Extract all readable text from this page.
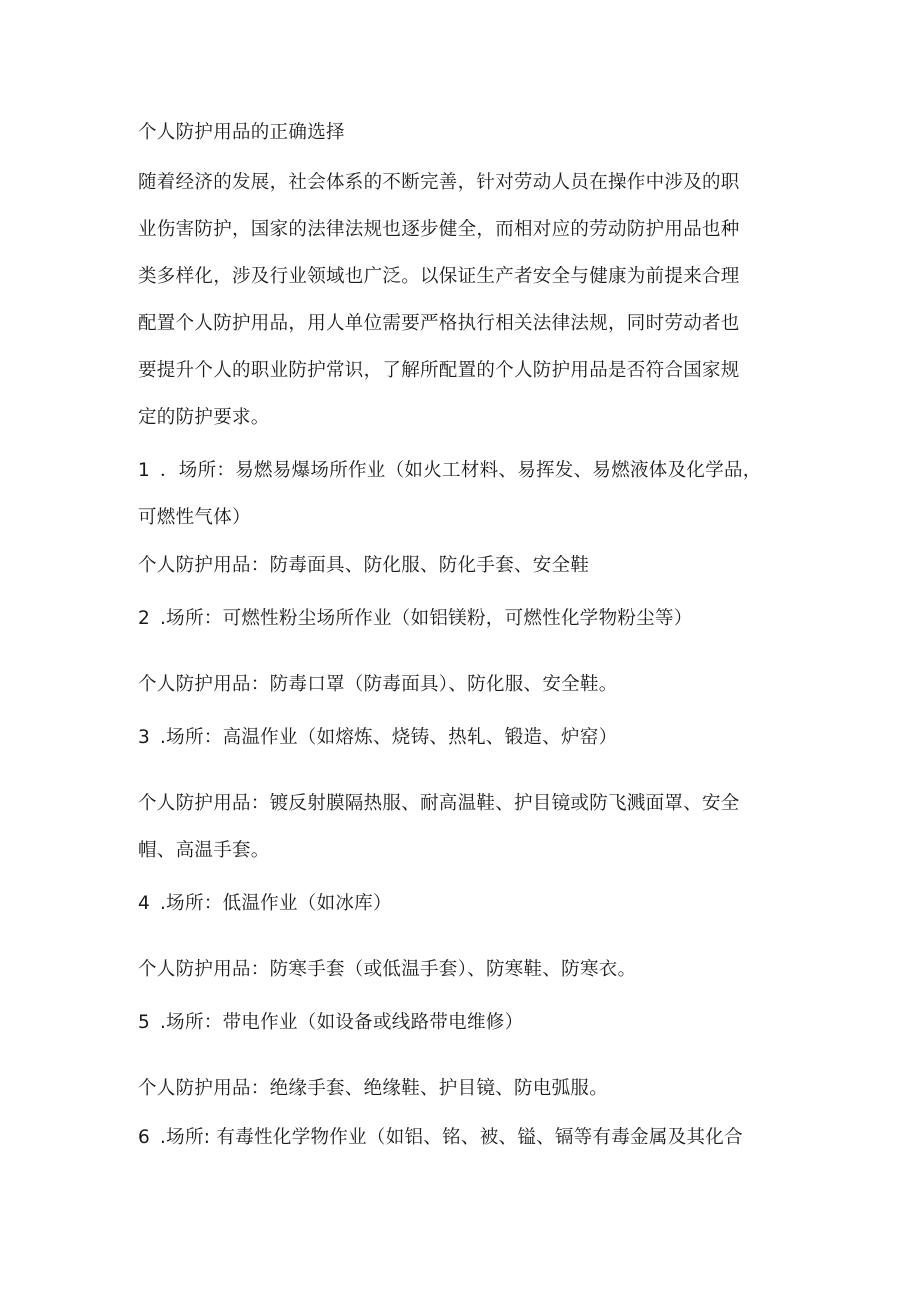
个人防护用品的正确选择
随着经济的发展，社会体系的不断完善，针对劳动人员在操作中涉及的职
业伤害防护，国家的法律法规也逐步健全，而相对应的劳动防护用品也种
类多样化，涉及行业领域也广泛。以保证生产者安全与健康为前提来合理
配置个人防护用品，用人单位需要严格执行相关法律法规，同时劳动者也
要提升个人的职业防护常识，了解所配置的个人防护用品是否符合国家规
定的防护要求。
1 ．场所：易燃易爆场所作业（如火工材料、易挥发、易燃液体及化学品，
可燃性气体）
个人防护用品：防毒面具、防化服、防化手套、安全鞋
2 .场所：可燃性粉尘场所作业（如铝镁粉，可燃性化学物粉尘等）
个人防护用品：防毒口罩（防毒面具）、防化服、安全鞋。
3 .场所：高温作业（如熔炼、烧铸、热轧、锻造、炉窑）
个人防护用品：镀反射膜隔热服、耐高温鞋、护目镜或防飞溅面罩、安全
帽、高温手套。
4 .场所：低温作业（如冰库）
个人防护用品：防寒手套（或低温手套）、防寒鞋、防寒衣。
5 .场所：带电作业（如设备或线路带电维修）
个人防护用品：绝缘手套、绝缘鞋、护目镜、防电弧服。
6 .场所: 有毒性化学物作业（如铝、铭、被、镒、镉等有毒金属及其化合
